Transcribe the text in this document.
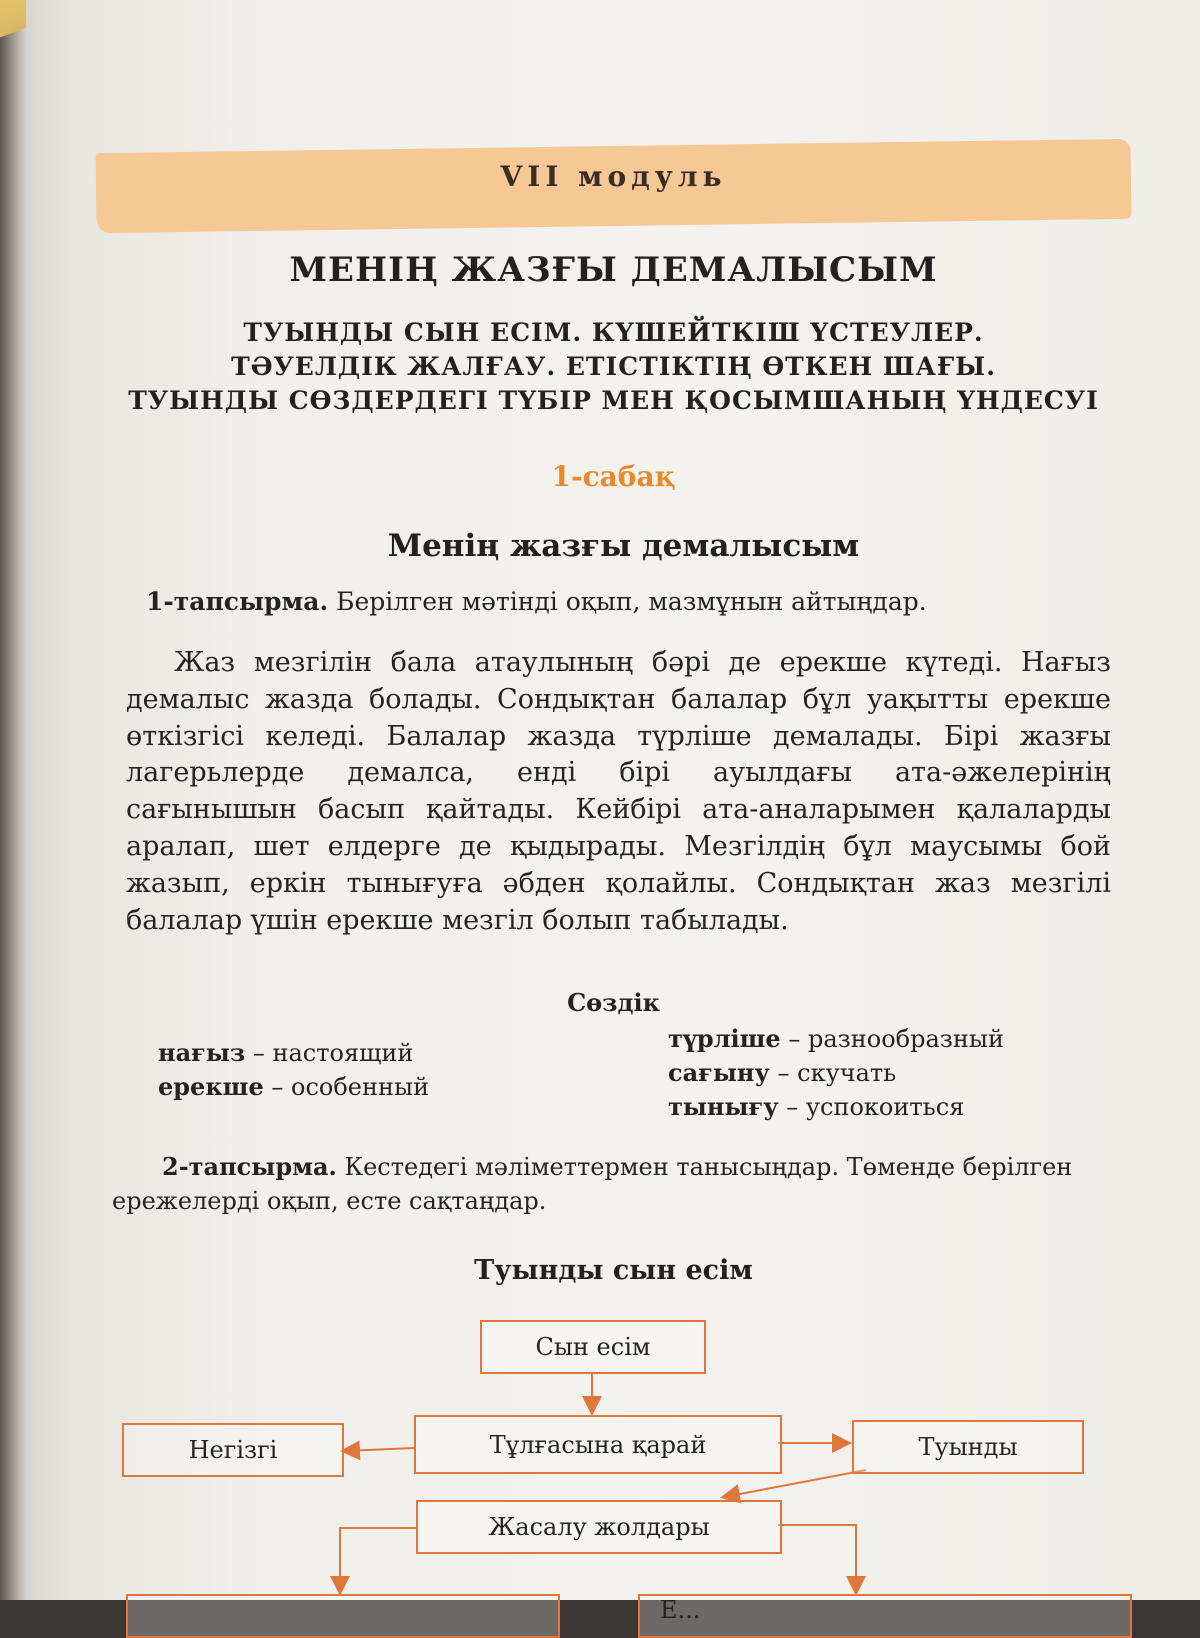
VII модуль
МЕНІҢ ЖАЗҒЫ ДЕМАЛЫСЫМ
ТУЫНДЫ СЫН ЕСІМ. КҮШЕЙТКІШ ҮСТЕУЛЕР.
ТӘУЕЛДІК ЖАЛҒАУ. ЕТІСТІКТІҢ ӨТКЕН ШАҒЫ.
ТУЫНДЫ СӨЗДЕРДЕГІ ТҮБІР МЕН ҚОСЫМШАНЫҢ ҮНДЕСУІ
1-сабақ
Менің жазғы демалысым
1-тапсырма. Берілген мәтінді оқып, мазмұнын айтыңдар.
Жаз мезгілін бала атаулының бәрі де ерекше күтеді. Нағыз демалыс жазда болады. Сондықтан балалар бұл уақытты ерекше өткізгісі келеді. Балалар жазда түрліше демалады. Бірі жазғы лагерьлерде демалса, енді бірі ауылдағы ата-әжелерінің сағынышын басып қайтады. Кейбірі ата-аналарымен қалаларды аралап, шет елдерге де қыдырады. Мезгілдің бұл маусымы бой жазып, еркін тынығуға әбден қолайлы. Сондықтан жаз мезгілі балалар үшін ерекше мезгіл болып табылады.
Сөздік
нағыз – настоящий
ерекше – особенный
түрліше – разнообразный
сағыну – скучать
тынығу – успокоиться
2-тапсырма. Кестедегі мәліметтермен танысыңдар. Төменде берілген ережелерді оқып, есте сақтаңдар.
Туынды сын есім
Сын есім
Тұлғасына қарай
Негізгі	Туынды
Жасалу жолдары
Е...
